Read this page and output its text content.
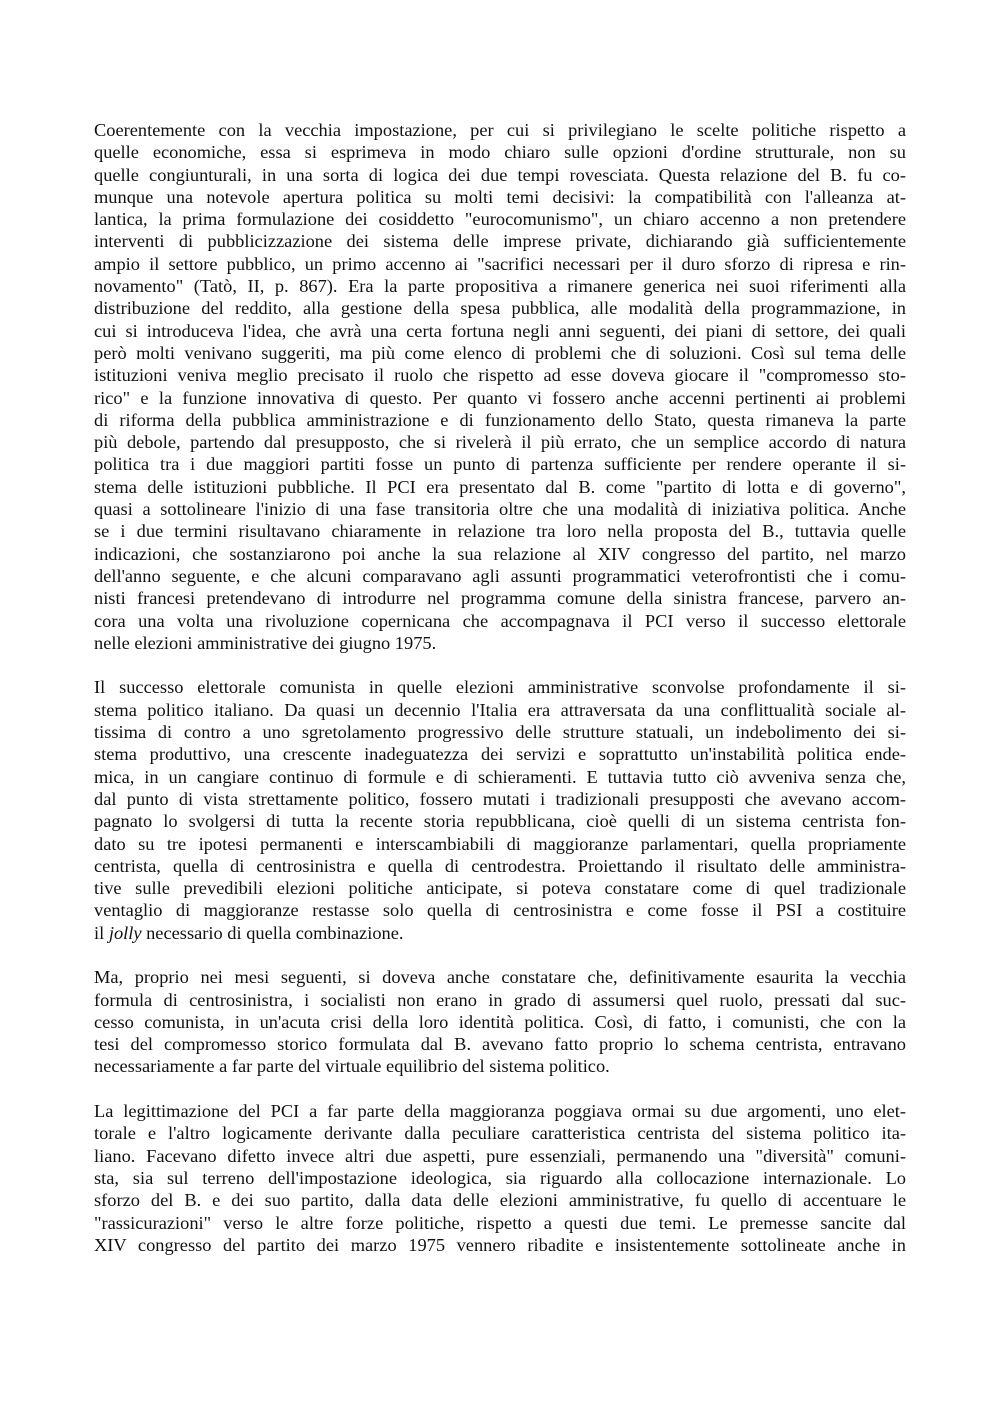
Coerentemente con la vecchia impostazione, per cui si privilegiano le scelte politiche rispetto a
quelle economiche, essa si esprimeva in modo chiaro sulle opzioni d'ordine strutturale, non su
quelle congiunturali, in una sorta di logica dei due tempi rovesciata. Questa relazione del B. fu co-
munque una notevole apertura politica su molti temi decisivi: la compatibilità con l'alleanza at-
lantica, la prima formulazione dei cosiddetto "eurocomunismo", un chiaro accenno a non pretendere
interventi di pubblicizzazione dei sistema delle imprese private, dichiarando già sufficientemente
ampio il settore pubblico, un primo accenno ai "sacrifici necessari per il duro sforzo di ripresa e rin-
novamento" (Tatò, II, p. 867). Era la parte propositiva a rimanere generica nei suoi riferimenti alla
distribuzione del reddito, alla gestione della spesa pubblica, alle modalità della programmazione, in
cui si introduceva l'idea, che avrà una certa fortuna negli anni seguenti, dei piani di settore, dei quali
però molti venivano suggeriti, ma più come elenco di problemi che di soluzioni. Così sul tema delle
istituzioni veniva meglio precisato il ruolo che rispetto ad esse doveva giocare il "compromesso sto-
rico" e la funzione innovativa di questo. Per quanto vi fossero anche accenni pertinenti ai problemi
di riforma della pubblica amministrazione e di funzionamento dello Stato, questa rimaneva la parte
più debole, partendo dal presupposto, che si rivelerà il più errato, che un semplice accordo di natura
politica tra i due maggiori partiti fosse un punto di partenza sufficiente per rendere operante il si-
stema delle istituzioni pubbliche. Il PCI era presentato dal B. come "partito di lotta e di governo",
quasi a sottolineare l'inizio di una fase transitoria oltre che una modalità di iniziativa politica. Anche
se i due termini risultavano chiaramente in relazione tra loro nella proposta del B., tuttavia quelle
indicazioni, che sostanziarono poi anche la sua relazione al XIV congresso del partito, nel marzo
dell'anno seguente, e che alcuni comparavano agli assunti programmatici veterofrontisti che i comu-
nisti francesi pretendevano di introdurre nel programma comune della sinistra francese, parvero an-
cora una volta una rivoluzione copernicana che accompagnava il PCI verso il successo elettorale
nelle elezioni amministrative dei giugno 1975.
Il successo elettorale comunista in quelle elezioni amministrative sconvolse profondamente il si-
stema politico italiano. Da quasi un decennio l'Italia era attraversata da una conflittualità sociale al-
tissima di contro a uno sgretolamento progressivo delle strutture statuali, un indebolimento dei si-
stema produttivo, una crescente inadeguatezza dei servizi e soprattutto un'instabilità politica ende-
mica, in un cangiare continuo di formule e di schieramenti. E tuttavia tutto ciò avveniva senza che,
dal punto di vista strettamente politico, fossero mutati i tradizionali presupposti che avevano accom-
pagnato lo svolgersi di tutta la recente storia repubblicana, cioè quelli di un sistema centrista fon-
dato su tre ipotesi permanenti e interscambiabili di maggioranze parlamentari, quella propriamente
centrista, quella di centrosinistra e quella di centrodestra. Proiettando il risultato delle amministra-
tive sulle prevedibili elezioni politiche anticipate, si poteva constatare come di quel tradizionale
ventaglio di maggioranze restasse solo quella di centrosinistra e come fosse il PSI a costituire
il jolly necessario di quella combinazione.
Ma, proprio nei mesi seguenti, si doveva anche constatare che, definitivamente esaurita la vecchia
formula di centrosinistra, i socialisti non erano in grado di assumersi quel ruolo, pressati dal suc-
cesso comunista, in un'acuta crisi della loro identità politica. Così, di fatto, i comunisti, che con la
tesi del compromesso storico formulata dal B. avevano fatto proprio lo schema centrista, entravano
necessariamente a far parte del virtuale equilibrio del sistema politico.
La legittimazione del PCI a far parte della maggioranza poggiava ormai su due argomenti, uno elet-
torale e l'altro logicamente derivante dalla peculiare caratteristica centrista del sistema politico ita-
liano. Facevano difetto invece altri due aspetti, pure essenziali, permanendo una "diversità" comuni-
sta, sia sul terreno dell'impostazione ideologica, sia riguardo alla collocazione internazionale. Lo
sforzo del B. e dei suo partito, dalla data delle elezioni amministrative, fu quello di accentuare le
"rassicurazioni" verso le altre forze politiche, rispetto a questi due temi. Le premesse sancite dal
XIV congresso del partito dei marzo 1975 vennero ribadite e insistentemente sottolineate anche in
